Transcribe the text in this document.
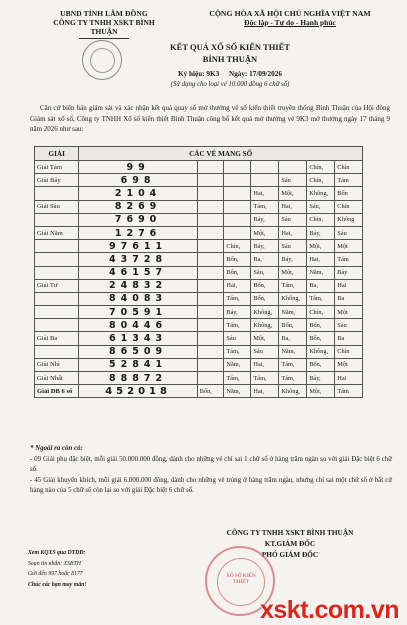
UBND TỈNH LÂM ĐỒNG
CÔNG TY TNHH XSKT BÌNH THUẬN
CỘNG HÒA XÃ HỘI CHỦ NGHĨA VIỆT NAM
Độc lập - Tự do - Hạnh phúc
KẾT QUẢ XỔ SỐ KIẾN THIẾT
BÌNH THUẬN
Ký hiệu: 9K3 Ngày: 17/09/2026
(Sử dụng cho loại vé 10.000 đồng 6 chữ số)

Căn cứ biên bản giám sát và xác nhận kết quả quay số mở thưởng vé số kiến thiết truyền thống Bình Thuận của Hội đồng Giám sát xổ số, Công ty TNHH Xổ số kiến thiết Bình Thuận công bố kết quả mở thưởng vé 9K3 mở thưởng ngày 17 tháng 9 năm 2026 như sau:

GIẢI	CÁC VÉ MANG SỐ						
Giải Tám	99					Chín,	Chín
Giải Bảy	698				Sáu	Chín,	Tám
	2104			Hai,	Một,	Không,	Bốn
Giải Sáu	8269			Tám,	Hai,	Sáu,	Chín
	7690			Bảy,	Sáu	Chín,	Không
Giải Năm	1276			Một,	Hai,	Bảy,	Sáu
	97611		Chín,	Bảy,	Sáu	Một,	Một
	43728		Bốn,	Ba,	Bảy,	Hai,	Tám
	46157		Bốn,	Sáu,	Một,	Năm,	Bảy
Giải Tư	24832		Hai,	Bốn,	Tám,	Ba,	Hai
	84083		Tám,	Bốn,	Không,	Tám,	Ba
	70591		Bảy,	Không,	Năm,	Chín,	Một
	80446		Tám,	Không,	Bốn,	Bốn,	Sáu
Giải Ba	61343		Sáu	Một,	Ba,	Bốn,	Ba
	86509		Tám,	Sáu	Năm,	Không,	Chín
Giải Nhì	52841		Năm,	Hai,	Tám,	Bốn,	Một
Giải Nhất	88872		Tám,	Tám,	Tám,	Bảy,	Hai
Giải ĐB 6 số	452018	Bốn,	Năm,	Hai,	Không,	Một,	Tám
* Ngoài ra còn có:

- 09 Giải phụ đặc biệt, mỗi giải 50.000.000 đồng, dành cho những vé chỉ sai 1 chữ số ở hàng trăm ngàn so với giải Đặc biệt 6 chữ số.

- 45 Giải khuyến khích, mỗi giải 6.000.000 đồng, dành cho những vé trúng ở hàng trăm ngàn, nhưng chỉ sai một chữ số ở bất cứ hàng nào của 5 chữ số còn lại so với giải Đặc biệt 6 chữ số.

CÔNG TY TNHH XSKT BÌNH THUẬN
KT.GIÁM ĐỐC
PHÓ GIÁM ĐỐC
XỔ SỐ KIẾN THIẾT
Xem KQXS qua DTDĐ:
Soạn tin nhắn: XSBTH
Gửi đến 997 hoặc 8177
Chúc các bạn may mắn!
xskt.com.vn
